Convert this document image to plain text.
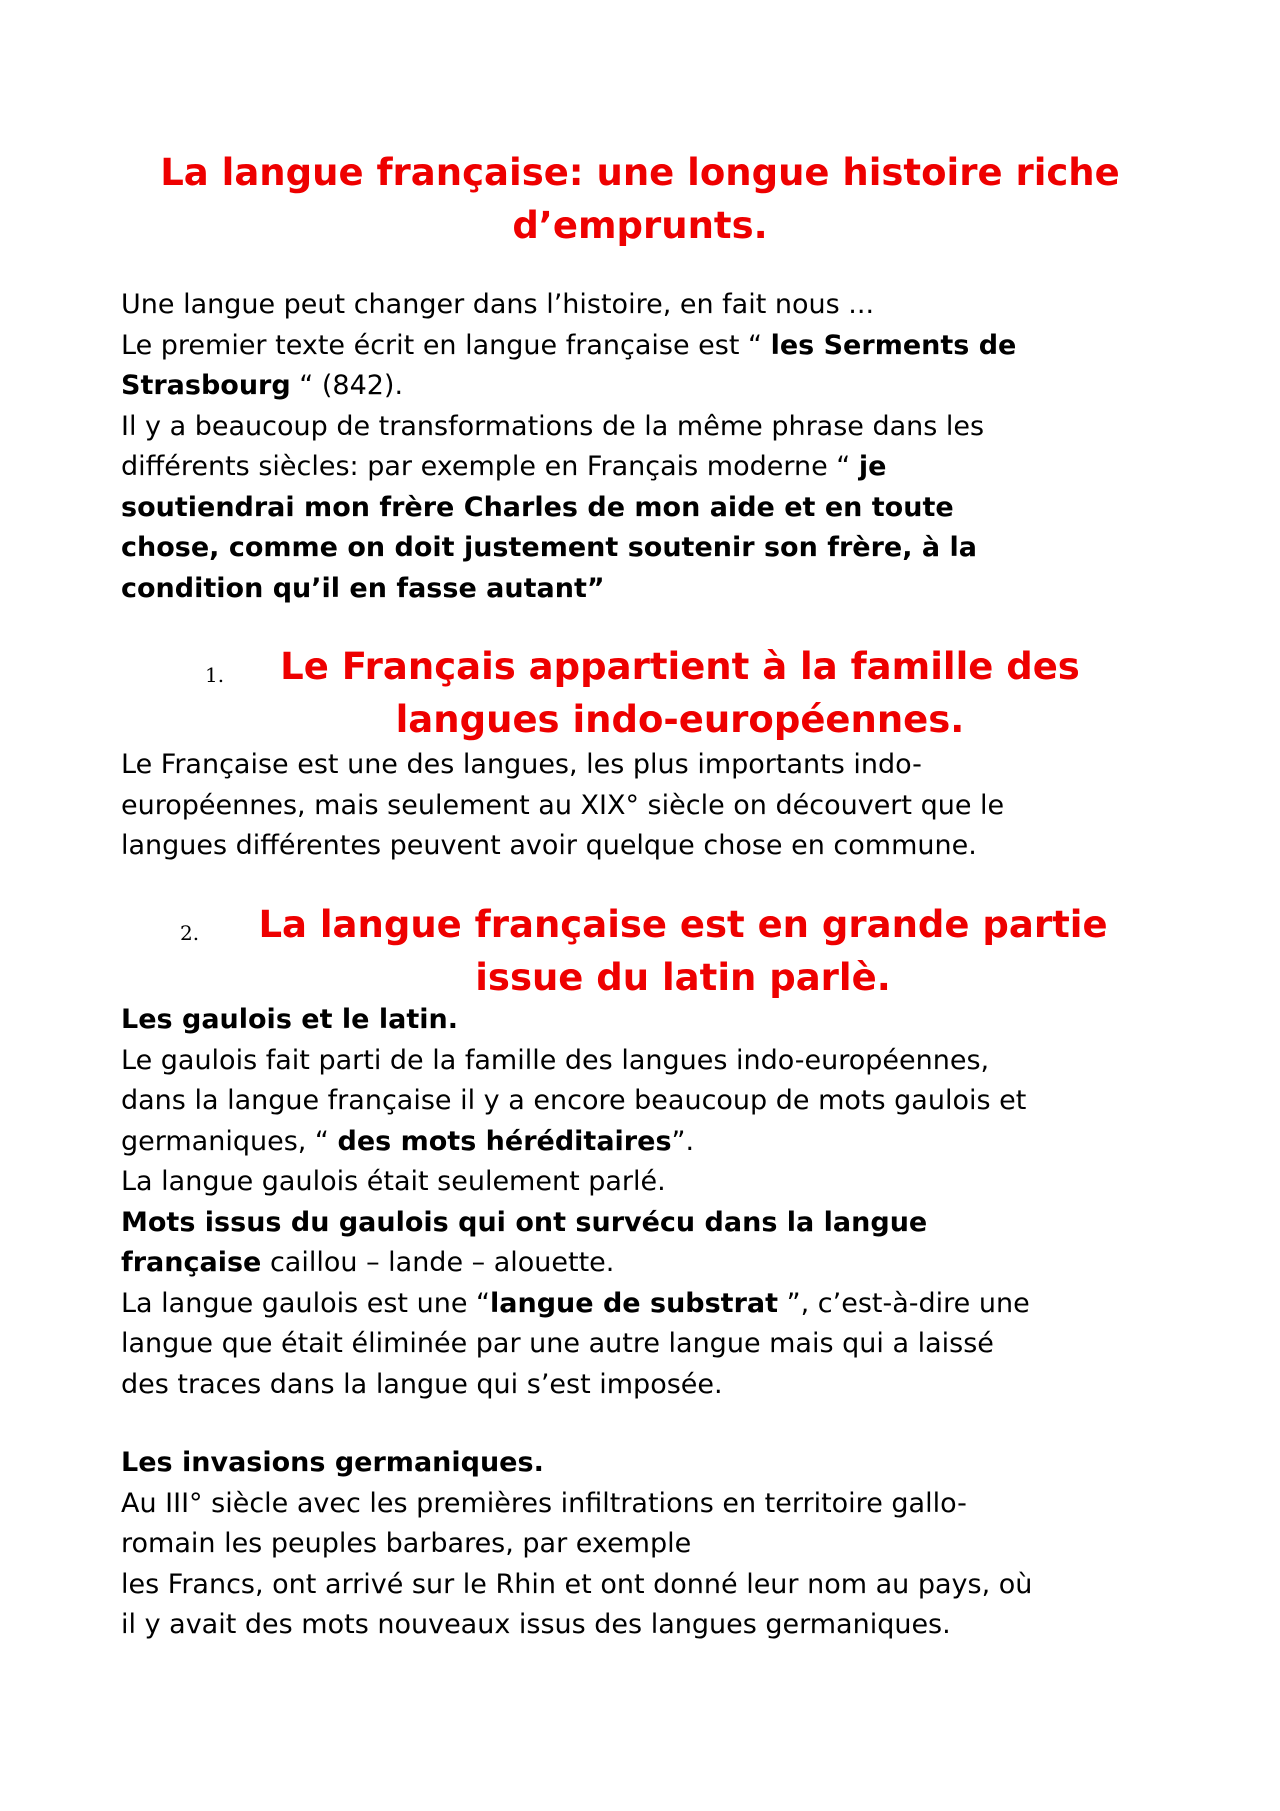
La langue française: une longue histoire riche
d’emprunts.

Une langue peut changer dans l’histoire, en fait nous ...
Le premier texte écrit en langue française est “ les Serments de
Strasbourg “ (842).
Il y a beaucoup de transformations de la même phrase dans les
différents siècles: par exemple en Français moderne “ je
soutiendrai mon frère Charles de mon aide et en toute
chose, comme on doit justement soutenir son frère, à la
condition qu’il en fasse autant”

1.	Le Français appartient à la famille des
langues indo-européennes.

Le Française est une des langues, les plus importants indo-
européennes, mais seulement au XIX° siècle on découvert que le
langues différentes peuvent avoir quelque chose en commune.

2.	La langue française est en grande partie
issue du latin parlè.

Les gaulois et le latin.
Le gaulois fait parti de la famille des langues indo-européennes,
dans la langue française il y a encore beaucoup de mots gaulois et
germaniques, “ des mots héréditaires”.
La langue gaulois était seulement parlé.
Mots issus du gaulois qui ont survécu dans la langue
française caillou – lande – alouette.
La langue gaulois est une “langue de substrat ”, c’est-à-dire une
langue que était éliminée par une autre langue mais qui a laissé
des traces dans la langue qui s’est imposée.

Les invasions germaniques.
Au III° siècle avec les premières infiltrations en territoire gallo-
romain les peuples barbares, par exemple
les Francs, ont arrivé sur le Rhin et ont donné leur nom au pays, où
il y avait des mots nouveaux issus des langues germaniques.
